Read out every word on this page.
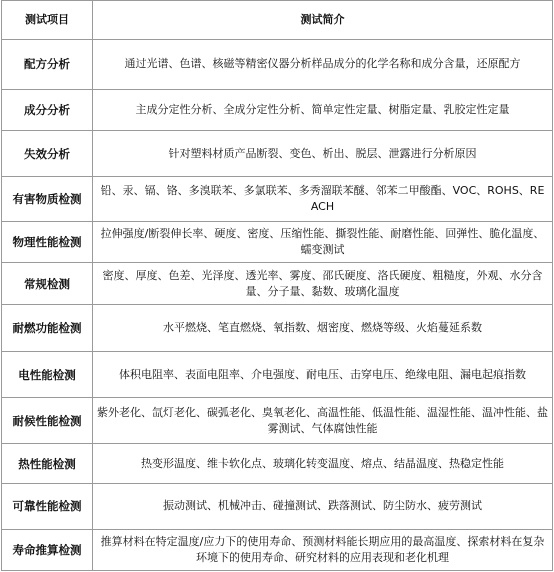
测试项目	测试简介
配方分析	通过光谱、色谱、核磁等精密仪器分析样品成分的化学名称和成分含量，还原配方
成分分析	主成分定性分析、全成分定性分析、简单定性定量、树脂定量、乳胶定性定量
失效分析	针对塑料材质产品断裂、变色、析出、脱层、泄露进行分析原因
有害物质检测	铅、汞、镉、铬、多溴联苯、多氯联苯、多秀溜联苯醚、邻苯二甲酸酯、VOC、ROHS、REACH
物理性能检测	拉伸强度/断裂伸长率、硬度、密度、压缩性能、撕裂性能、耐磨性能、回弹性、脆化温度、蠕变测试
常规检测	密度、厚度、色差、光泽度、透光率、雾度、邵氏硬度、洛氏硬度、粗糙度，外观、水分含量、分子量、黏数、玻璃化温度
耐燃功能检测	水平燃烧、笔直燃烧、氧指数、烟密度、燃烧等级、火焰蔓延系数
电性能检测	体积电阻率、表面电阻率、介电强度、耐电压、击穿电压、绝缘电阻、漏电起痕指数
耐候性能检测	紫外老化、氙灯老化、碳弧老化、臭氧老化、高温性能、低温性能、温湿性能、温冲性能、盐雾测试、气体腐蚀性能
热性能检测	热变形温度、维卡软化点、玻璃化转变温度、熔点、结晶温度、热稳定性能
可靠性能检测	振动测试、机械冲击、碰撞测试、跌落测试、防尘防水、疲劳测试
寿命推算检测	推算材料在特定温度/应力下的使用寿命、预测材料能长期应用的最高温度、探索材料在复杂环境下的使用寿命、研究材料的应用表现和老化机理
